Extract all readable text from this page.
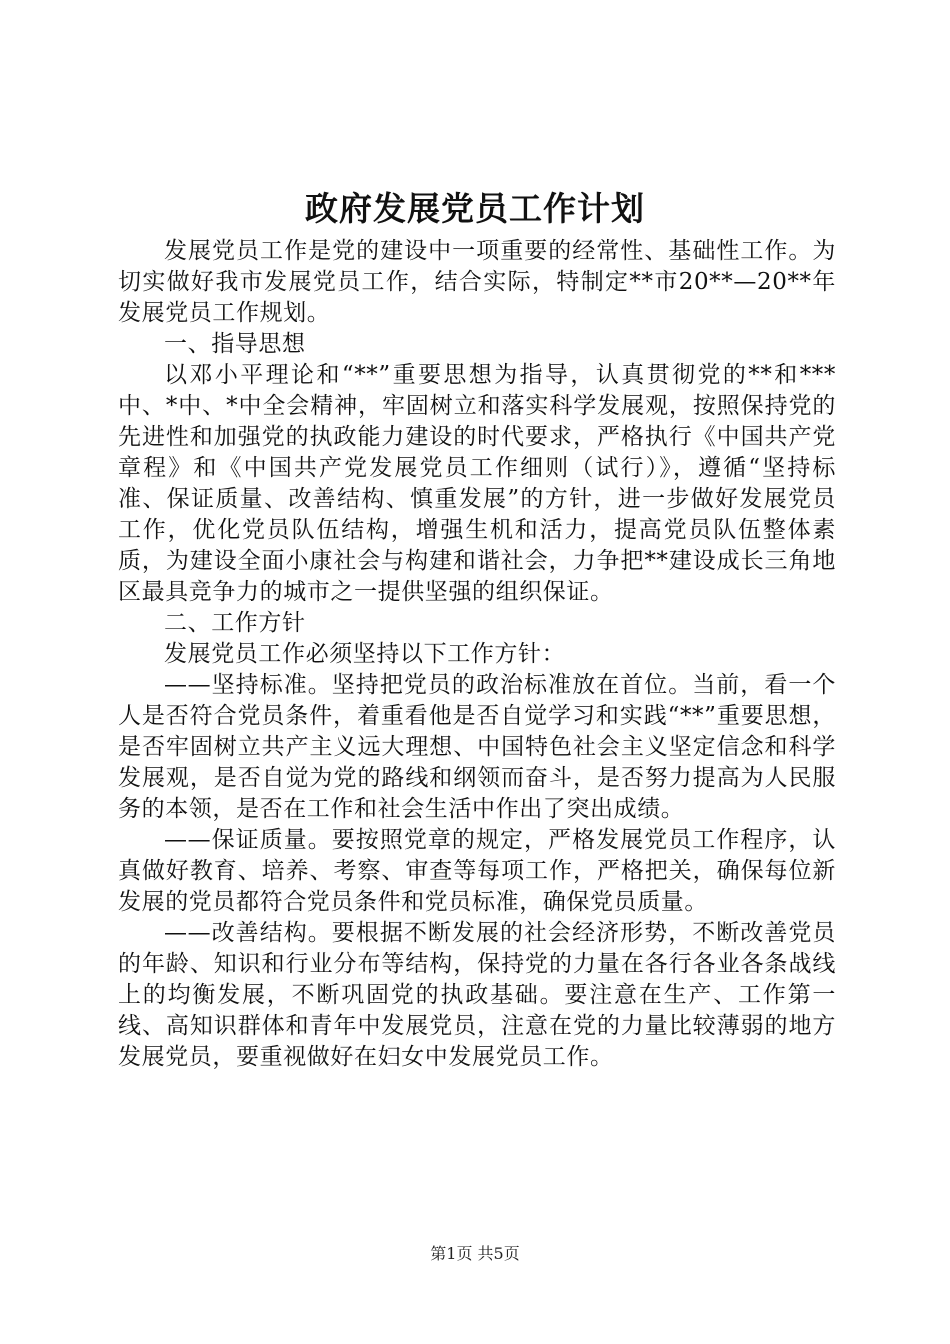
政府发展党员工作计划

发展党员工作是党的建设中一项重要的经常性、基础性工作。为切实做好我市发展党员工作，结合实际，特制定**市20**—20**年发展党员工作规划。

一、指导思想

以邓小平理论和“**”重要思想为指导，认真贯彻党的**和***中、*中、*中全会精神，牢固树立和落实科学发展观，按照保持党的先进性和加强党的执政能力建设的时代要求，严格执行《中国共产党章程》和《中国共产党发展党员工作细则（试行）》，遵循“坚持标准、保证质量、改善结构、慎重发展”的方针，进一步做好发展党员工作，优化党员队伍结构，增强生机和活力，提高党员队伍整体素质，为建设全面小康社会与构建和谐社会，力争把**建设成长三角地区最具竞争力的城市之一提供坚强的组织保证。

二、工作方针

发展党员工作必须坚持以下工作方针：

——坚持标准。坚持把党员的政治标准放在首位。当前，看一个人是否符合党员条件，着重看他是否自觉学习和实践“**”重要思想，是否牢固树立共产主义远大理想、中国特色社会主义坚定信念和科学发展观，是否自觉为党的路线和纲领而奋斗，是否努力提高为人民服务的本领，是否在工作和社会生活中作出了突出成绩。

——保证质量。要按照党章的规定，严格发展党员工作程序，认真做好教育、培养、考察、审查等每项工作，严格把关，确保每位新发展的党员都符合党员条件和党员标准，确保党员质量。

——改善结构。要根据不断发展的社会经济形势，不断改善党员的年龄、知识和行业分布等结构，保持党的力量在各行各业各条战线上的均衡发展，不断巩固党的执政基础。要注意在生产、工作第一线、高知识群体和青年中发展党员，注意在党的力量比较薄弱的地方发展党员，要重视做好在妇女中发展党员工作。

第1页 共5页
